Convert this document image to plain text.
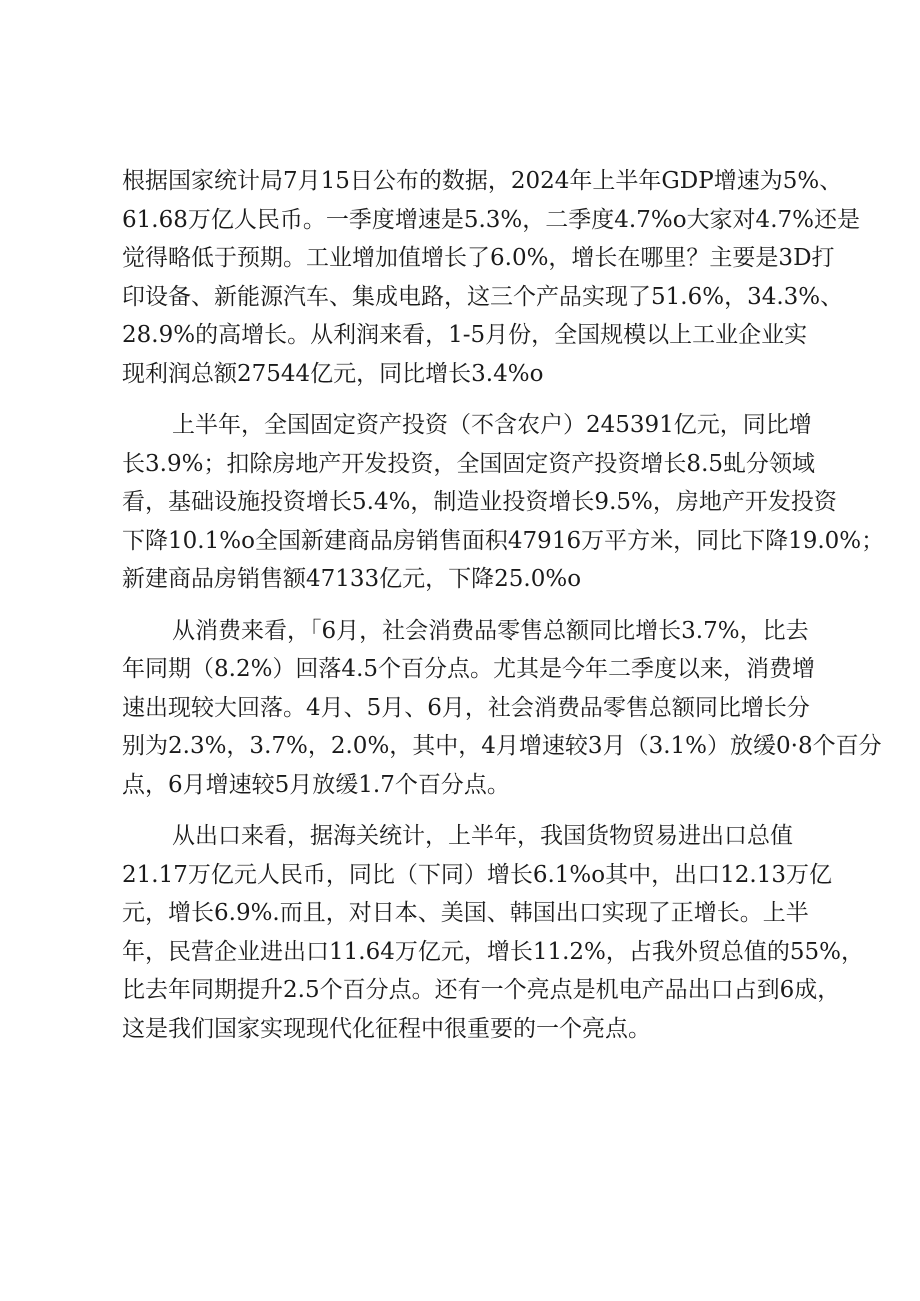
根据国家统计局7月15日公布的数据，2024年上半年GDP增速为5%、
61.68万亿人民币。一季度增速是5.3%，二季度4.7%o大家对4.7%还是
觉得略低于预期。工业增加值增长了6.0%，增长在哪里？主要是3D打
印设备、新能源汽车、集成电路，这三个产品实现了51.6%，34.3%、
28.9%的高增长。从利润来看，1-5月份，全国规模以上工业企业实
现利润总额27544亿元，同比增长3.4%o

上半年，全国固定资产投资（不含农户）245391亿元，同比增
长3.9%；扣除房地产开发投资，全国固定资产投资增长8.5虬分领域
看，基础设施投资增长5.4%，制造业投资增长9.5%，房地产开发投资
下降10.1%o全国新建商品房销售面积47916万平方米，同比下降19.0%；
新建商品房销售额47133亿元，下降25.0%o

从消费来看，「6月，社会消费品零售总额同比增长3.7%，比去
年同期（8.2%）回落4.5个百分点。尤其是今年二季度以来，消费增
速出现较大回落。4月、5月、6月，社会消费品零售总额同比增长分
别为2.3%，3.7%，2.0%，其中，4月增速较3月（3.1%）放缓0·8个百分
点，6月增速较5月放缓1.7个百分点。

从出口来看，据海关统计，上半年，我国货物贸易进出口总值
21.17万亿元人民币，同比（下同）增长6.1%o其中，出口12.13万亿
元，增长6.9%.而且，对日本、美国、韩国出口实现了正增长。上半
年，民营企业进出口11.64万亿元，增长11.2%，占我外贸总值的55%，
比去年同期提升2.5个百分点。还有一个亮点是机电产品出口占到6成，
这是我们国家实现现代化征程中很重要的一个亮点。
